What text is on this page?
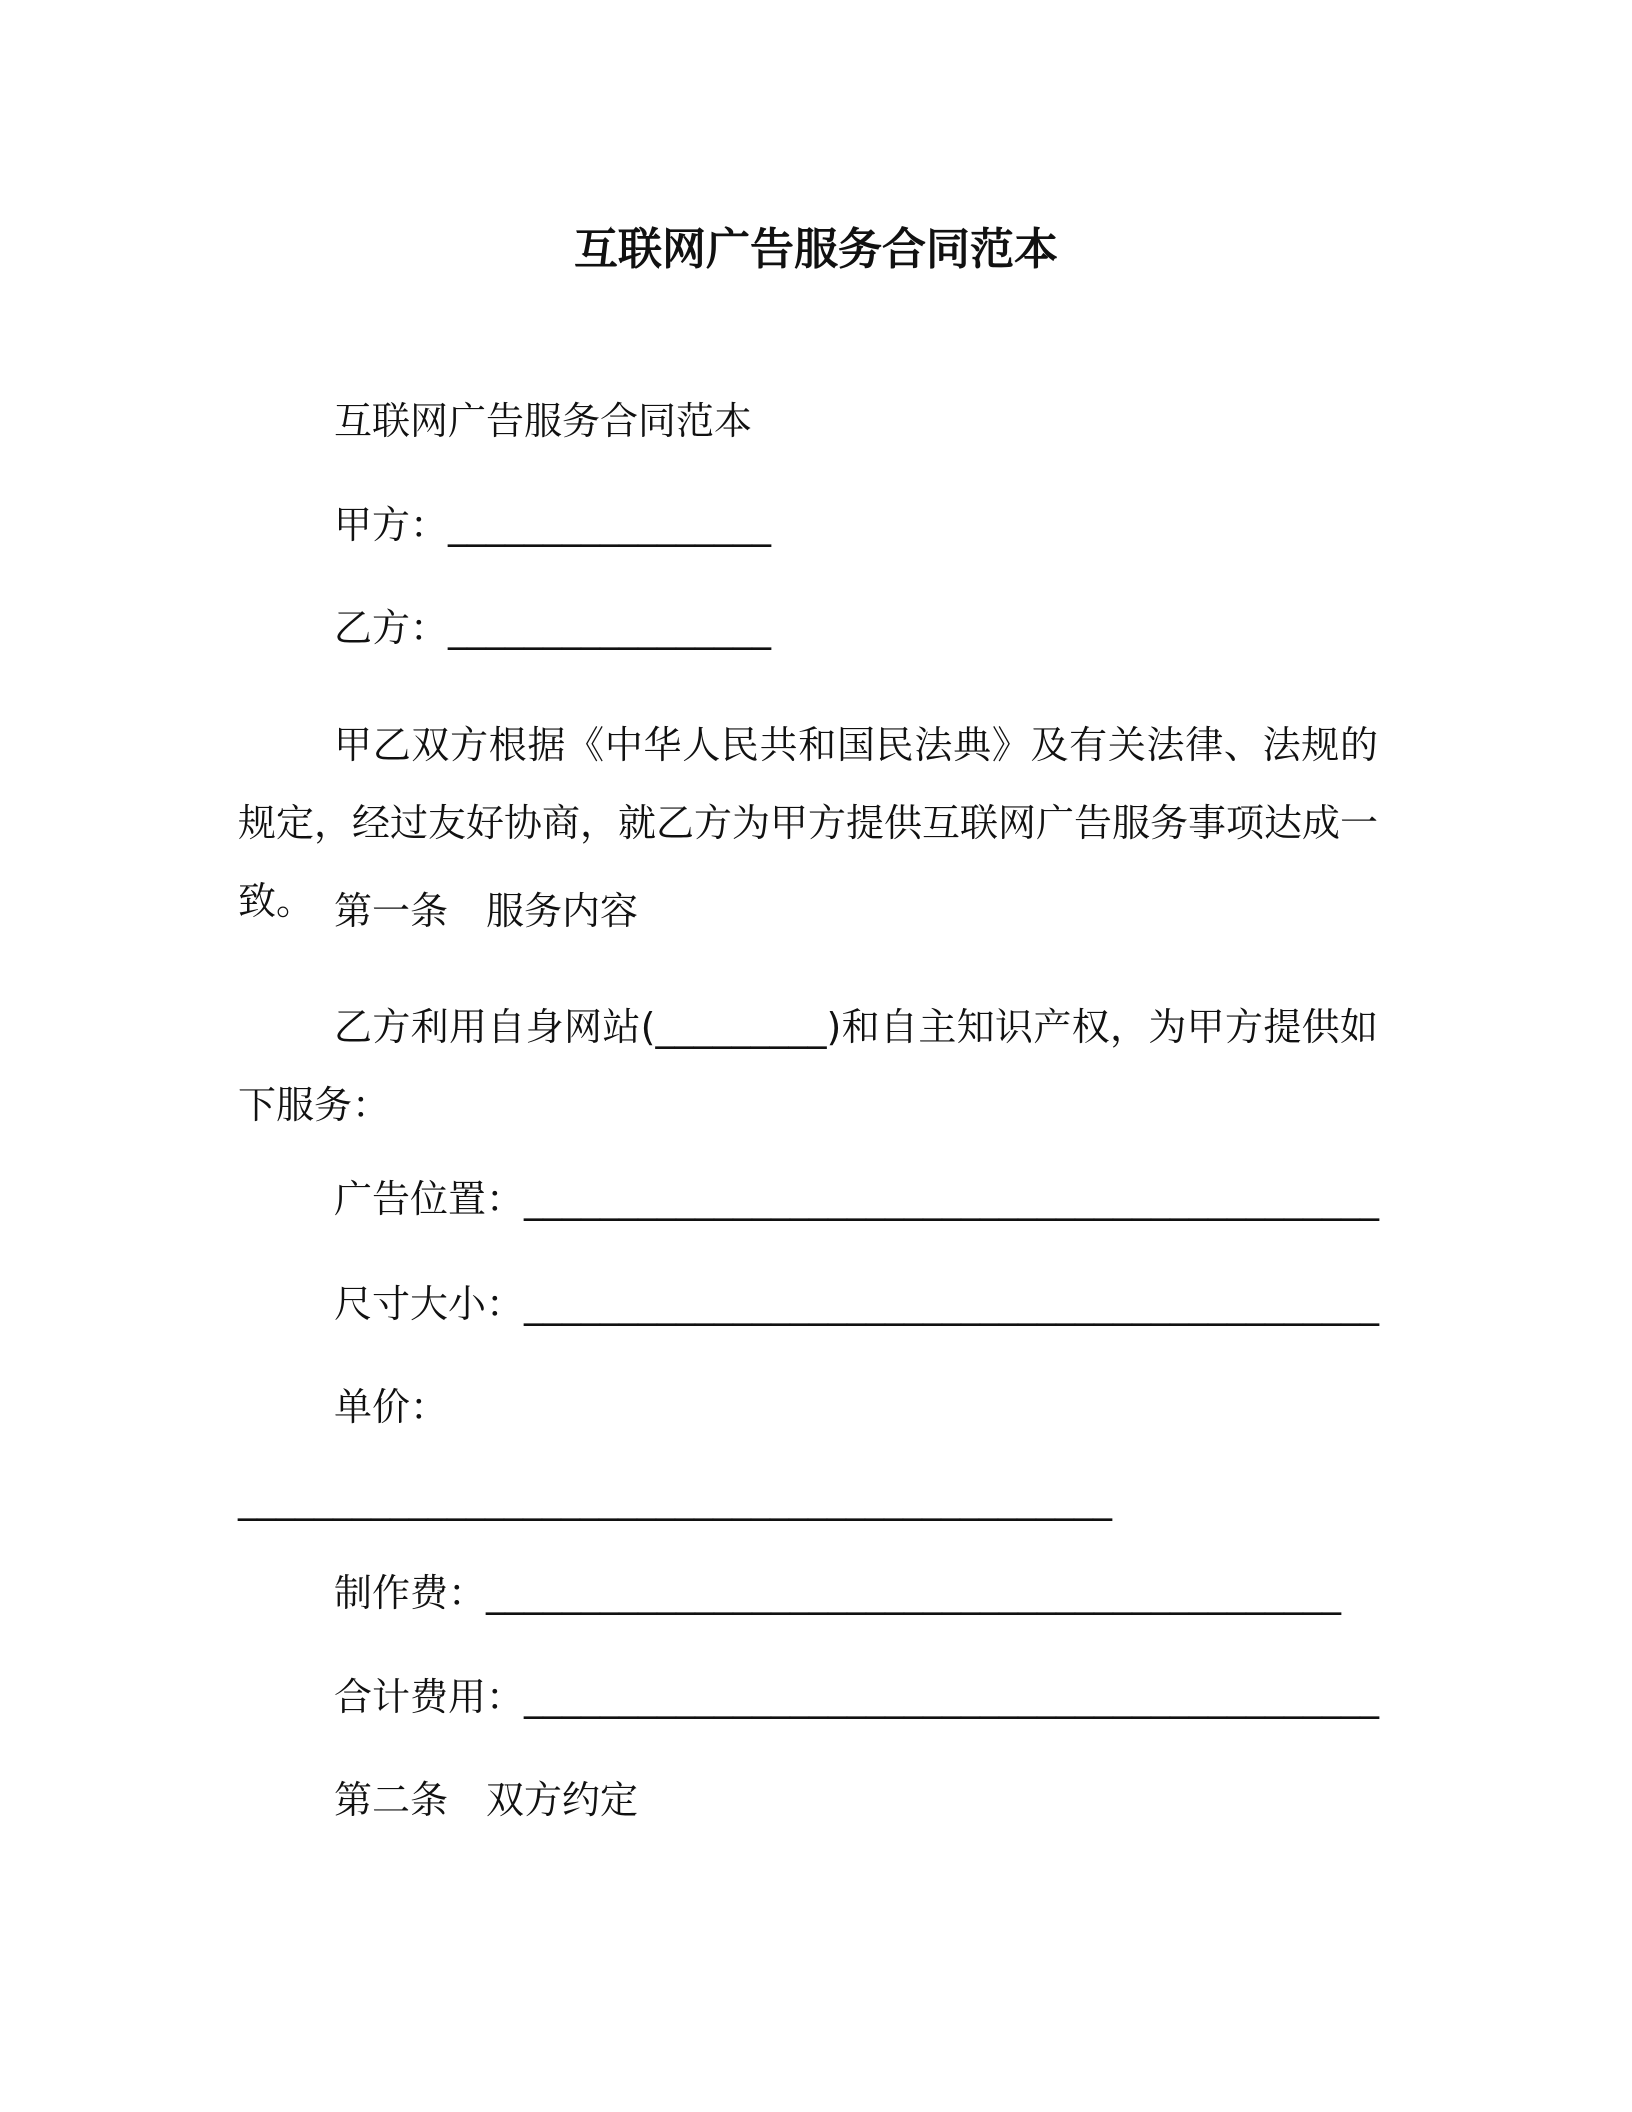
互联网广告服务合同范本
互联网广告服务合同范本
甲方：_________________
乙方：_________________
甲乙双方根据《中华人民共和国民法典》及有关法律、法规的规定，经过友好协商，就乙方为甲方提供互联网广告服务事项达成一致。 第一条　服务内容
乙方利用自身网站(_________)和自主知识产权，为甲方提供如下服务：
广告位置：_____________________________________________
尺寸大小：_____________________________________________
单价：
______________________________________________
制作费：_____________________________________________
合计费用：_____________________________________________
第二条　双方约定
